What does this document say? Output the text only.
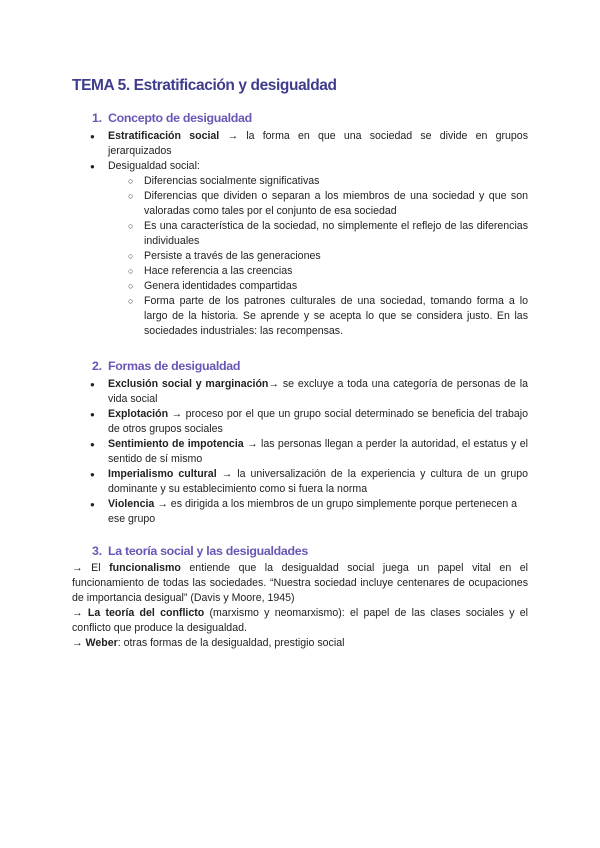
TEMA 5. Estratificación y desigualdad
1. Concepto de desigualdad
● Estratificación social → la forma en que una sociedad se divide en grupos jerarquizados
● Desigualdad social:
○ Diferencias socialmente significativas
○ Diferencias que dividen o separan a los miembros de una sociedad y que son valoradas como tales por el conjunto de esa sociedad
○ Es una característica de la sociedad, no simplemente el reflejo de las diferencias individuales
○ Persiste a través de las generaciones
○ Hace referencia a las creencias
○ Genera identidades compartidas
○ Forma parte de los patrones culturales de una sociedad, tomando forma a lo largo de la historia. Se aprende y se acepta lo que se considera justo. En las sociedades industriales: las recompensas.
2. Formas de desigualdad
● Exclusión social y marginación→ se excluye a toda una categoría de personas de la vida social
● Explotación → proceso por el que un grupo social determinado se beneficia del trabajo de otros grupos sociales
● Sentimiento de impotencia → las personas llegan a perder la autoridad, el estatus y el sentido de sí mismo
● Imperialismo cultural → la universalización de la experiencia y cultura de un grupo dominante y su establecimiento como si fuera la norma
● Violencia → es dirigida a los miembros de un grupo simplemente porque pertenecen a ese grupo
3. La teoría social y las desigualdades

→ El funcionalismo entiende que la desigualdad social juega un papel vital en el funcionamiento de todas las sociedades. “Nuestra sociedad incluye centenares de ocupaciones de importancia desigual” (Davis y Moore, 1945)

→ La teoría del conflicto (marxismo y neomarxismo): el papel de las clases sociales y el conflicto que produce la desigualdad.

→ Weber: otras formas de la desigualdad, prestigio social
